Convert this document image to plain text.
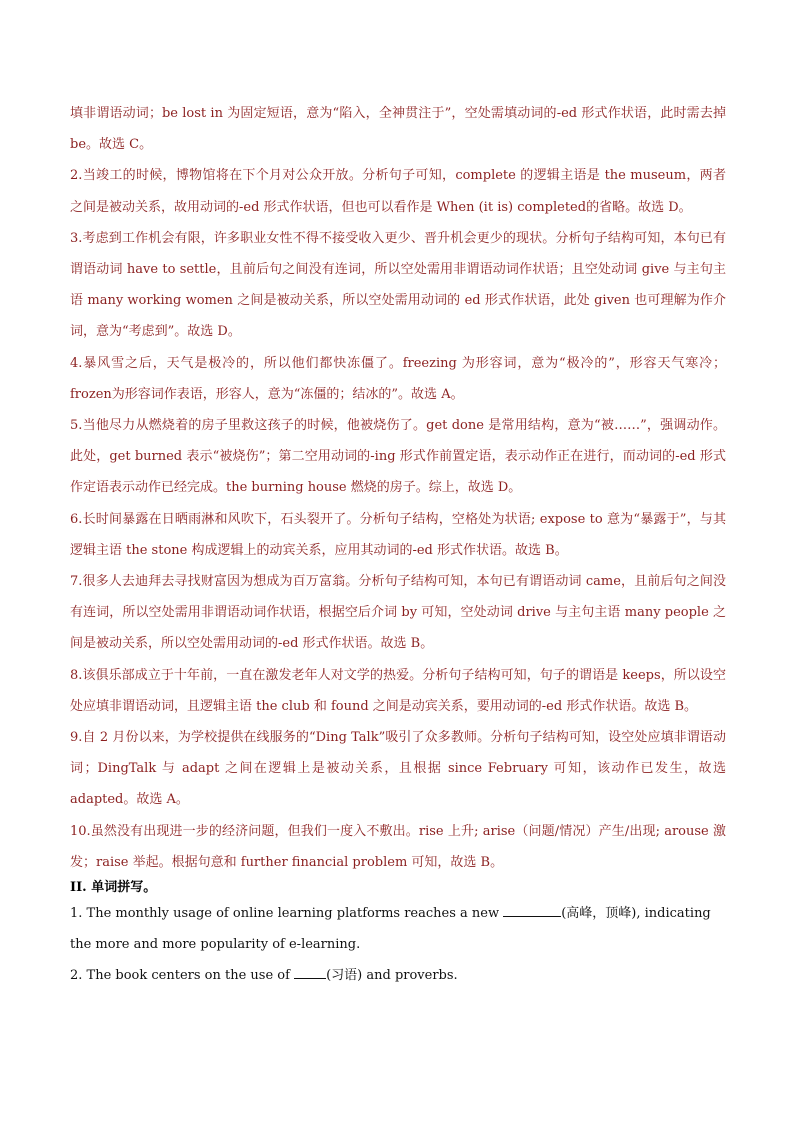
填非谓语动词；be lost in 为固定短语，意为“陷入，全神贯注于”，空处需填动词的-ed 形式作状语，此时需去掉 be。故选 C。

2.当竣工的时候，博物馆将在下个月对公众开放。分析句子可知，complete 的逻辑主语是 the museum，两者之间是被动关系，故用动词的-ed 形式作状语，但也可以看作是 When (it is) completed的省略。故选 D。

3.考虑到工作机会有限，许多职业女性不得不接受收入更少、晋升机会更少的现状。分析句子结构可知，本句已有谓语动词 have to settle，且前后句之间没有连词，所以空处需用非谓语动词作状语；且空处动词 give 与主句主语 many working women 之间是被动关系，所以空处需用动词的 ed 形式作状语，此处 given 也可理解为作介词，意为“考虑到”。故选 D。

4.暴风雪之后，天气是极冷的，所以他们都快冻僵了。freezing 为形容词，意为“极冷的”，形容天气寒冷； frozen为形容词作表语，形容人，意为“冻僵的；结冰的”。故选 A。

5.当他尽力从燃烧着的房子里救这孩子的时候，他被烧伤了。get done 是常用结构，意为“被……”，强调动作。此处，get burned 表示“被烧伤”；第二空用动词的-ing 形式作前置定语，表示动作正在进行，而动词的-ed 形式作定语表示动作已经完成。the burning house 燃烧的房子。综上，故选 D。

6.长时间暴露在日晒雨淋和风吹下，石头裂开了。分析句子结构，空格处为状语; expose to 意为“暴露于”，与其逻辑主语 the stone 构成逻辑上的动宾关系，应用其动词的-ed 形式作状语。故选 B。

7.很多人去迪拜去寻找财富因为想成为百万富翁。分析句子结构可知，本句已有谓语动词 came，且前后句之间没有连词，所以空处需用非谓语动词作状语，根据空后介词 by 可知，空处动词 drive 与主句主语 many people 之间是被动关系，所以空处需用动词的-ed 形式作状语。故选 B。

8.该俱乐部成立于十年前，一直在激发老年人对文学的热爱。分析句子结构可知，句子的谓语是 keeps，所以设空处应填非谓语动词，且逻辑主语 the club 和 found 之间是动宾关系，要用动词的-ed 形式作状语。故选 B。

9.自 2 月份以来，为学校提供在线服务的“Ding Talk”吸引了众多教师。分析句子结构可知，设空处应填非谓语动词；DingTalk 与 adapt 之间在逻辑上是被动关系，且根据 since February 可知，该动作已发生，故选 adapted。故选 A。

10.虽然没有出现进一步的经济问题，但我们一度入不敷出。rise 上升; arise（问题/情况）产生/出现; arouse 激发；raise 举起。根据句意和 further financial problem 可知，故选 B。

II. 单词拼写。

1. The monthly usage of online learning platforms reaches a new	(高峰，顶峰), indicating the more and more popularity of e-learning.

2. The book centers on the use of (习语) and proverbs.
